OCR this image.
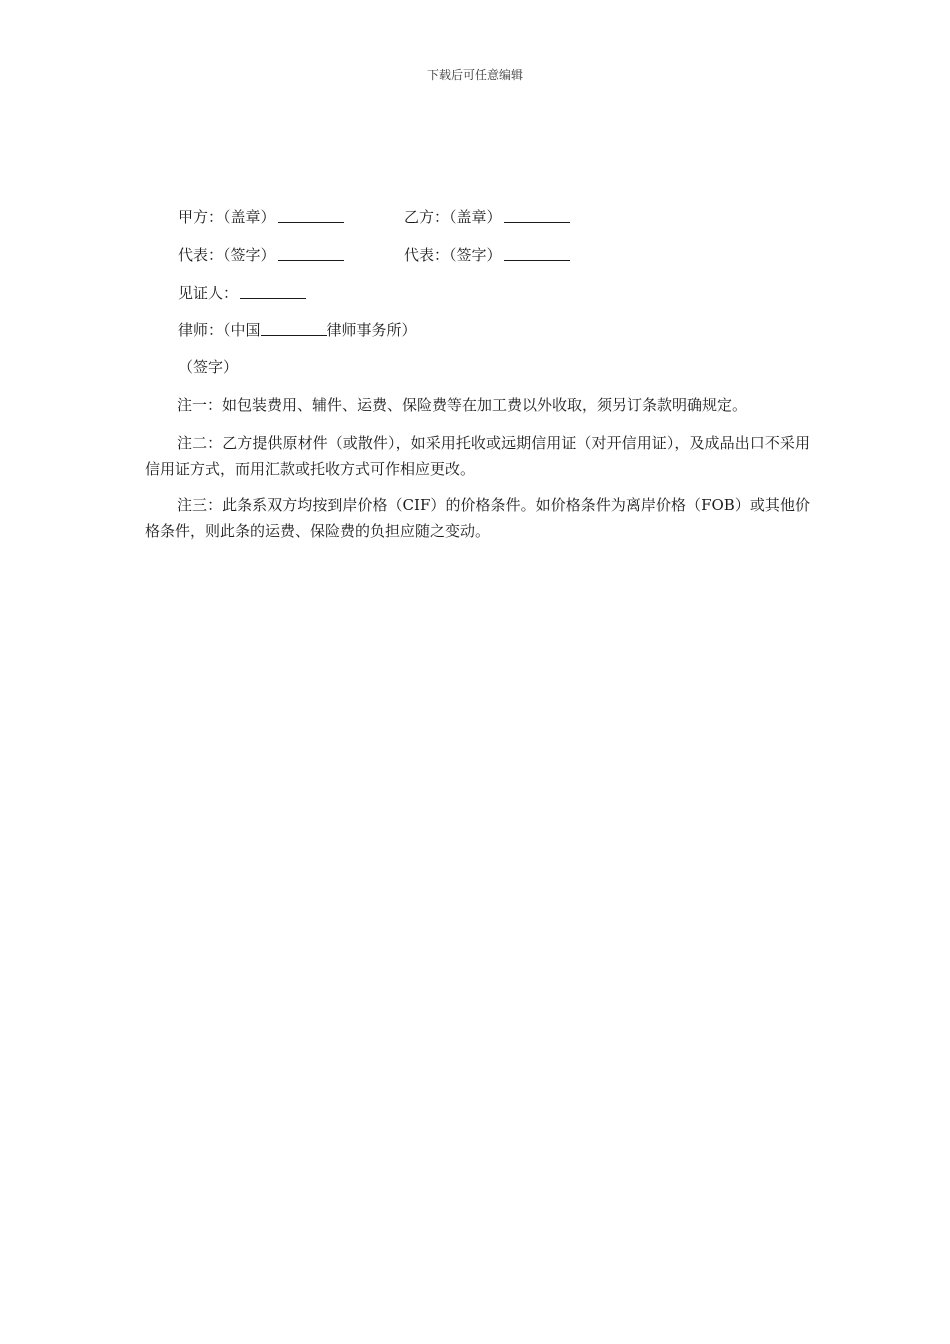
下载后可任意编辑
甲方：（盖章）	乙方：（盖章）
代表：（签字）	代表：（签字）
见证人：
律师：（中国	律师事务所）
（签字）
注一：如包装费用、辅件、运费、保险费等在加工费以外收取，须另订条款明确规定。
注二：乙方提供原材件（或散件），如采用托收或远期信用证（对开信用证），及成品出口不采用信用证方式，而用汇款或托收方式可作相应更改。
注三：此条系双方均按到岸价格（CIF）的价格条件。如价格条件为离岸价格（FOB）或其他价格条件，则此条的运费、保险费的负担应随之变动。
